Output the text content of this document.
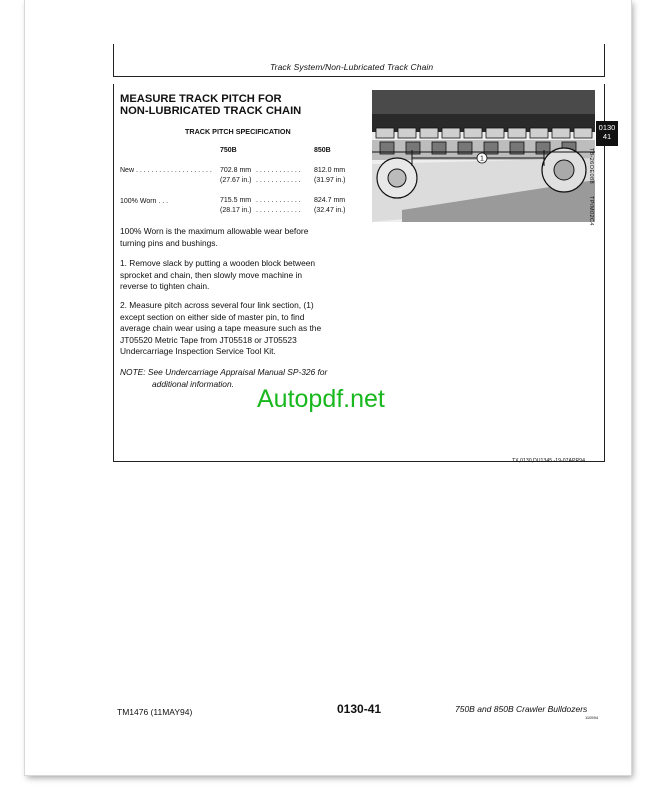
Track System/Non-Lubricated Track Chain
MEASURE TRACK PITCH FOR
NON-LUBRICATED TRACK CHAIN
TRACK PITCH SPECIFICATION
750B	850B
New . . . . . . . . . . . . . . . . . . . . 702.8 mm . . . . . . . . . . . . 812.0 mm
(27.67 in.) . . . . . . . . . . . . (31.97 in.)
100% Worn . . .	715.5 mm . . . . . . . . . . . . 824.7 mm
(28.17 in.) . . . . . . . . . . . . (32.47 in.)
100% Worn is the maximum allowable wear before
turning pins and bushings.
1. Remove slack by putting a wooden block between
sprocket and chain, then slowly move machine in
reverse to tighten chain.
2. Measure pitch across several four link section, (1)
except section on either side of master pin, to find
average chain wear using a tape measure such as the
JT05520 Metric Tape from JT05518 or JT05523
Undercarriage Inspection Service Tool Kit.
NOTE: See Undercarriage Appraisal Manual SP-326 for
additional information.
1
0130
41
T8-26OE088
TP/M02C4
Autopdf.net
TX,0130,DU1345 -19-07APR94
TM1476 (11MAY94)	0130-41	750B and 850B Crawler Bulldozers
110594
